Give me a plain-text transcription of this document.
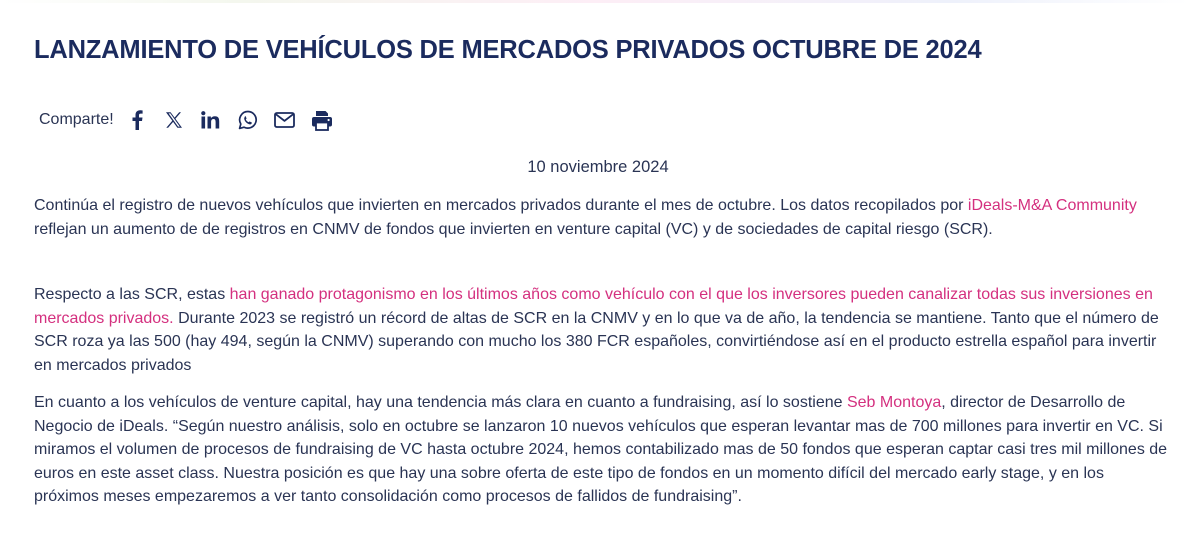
LANZAMIENTO DE VEHÍCULOS DE MERCADOS PRIVADOS OCTUBRE DE 2024
Comparte!
10 noviembre 2024

Continúa el registro de nuevos vehículos que invierten en mercados privados durante el mes de octubre. Los datos recopilados por iDeals-M&A Community reflejan un aumento de de registros en CNMV de fondos que invierten en venture capital (VC) y de sociedades de capital riesgo (SCR).

Respecto a las SCR, estas han ganado protagonismo en los últimos años como vehículo con el que los inversores pueden canalizar todas sus inversiones en mercados privados. Durante 2023 se registró un récord de altas de SCR en la CNMV y en lo que va de año, la tendencia se mantiene. Tanto que el número de SCR roza ya las 500 (hay 494, según la CNMV) superando con mucho los 380 FCR españoles, convirtiéndose así en el producto estrella español para invertir en mercados privados

En cuanto a los vehículos de venture capital, hay una tendencia más clara en cuanto a fundraising, así lo sostiene Seb Montoya, director de Desarrollo de Negocio de iDeals. “Según nuestro análisis, solo en octubre se lanzaron 10 nuevos vehículos que esperan levantar mas de 700 millones para invertir en VC. Si miramos el volumen de procesos de fundraising de VC hasta octubre 2024, hemos contabilizado mas de 50 fondos que esperan captar casi tres mil millones de euros en este asset class. Nuestra posición es que hay una sobre oferta de este tipo de fondos en un momento difícil del mercado early stage, y en los próximos meses empezaremos a ver tanto consolidación como procesos de fallidos de fundraising”.
